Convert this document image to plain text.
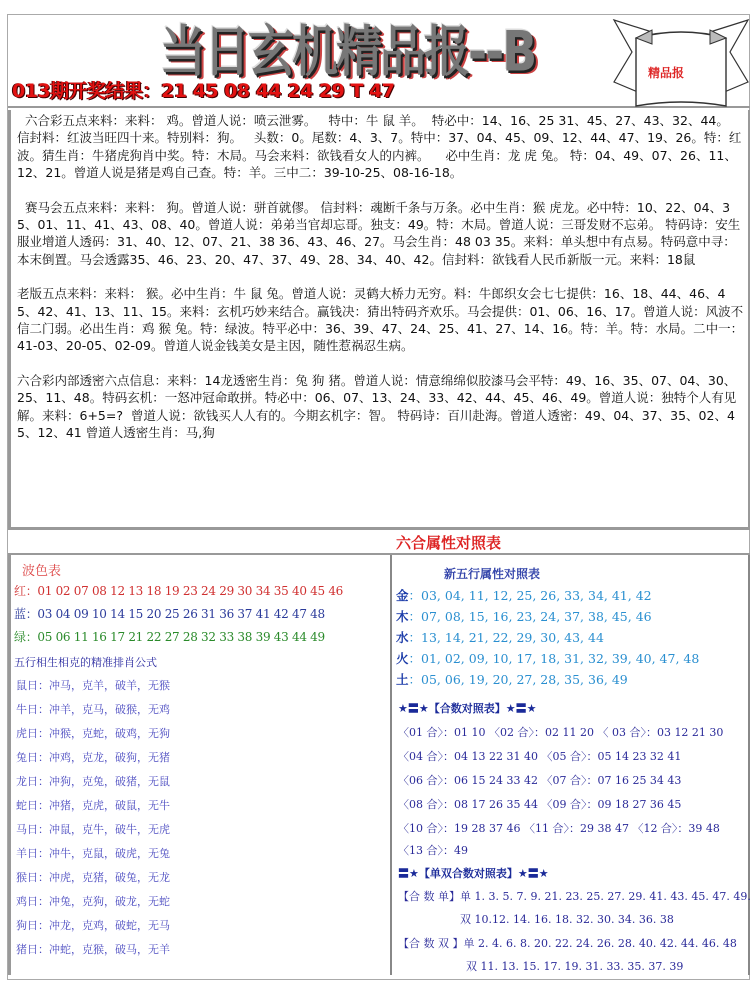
当日玄机精品报--B
013期开奖结果：21 45 08 44 24 29 T 47
精品报

六合彩五点来料：来料： 鸡。曾道人说：喷云泄雾。   特中：牛 鼠 羊。  特必中：14、16、25 31、45、27、43、32、44。 信封料：红波当旺四十来。特别料：狗。   头数：0。尾数：4、3、7。特中：37、04、45、09、12、44、47、19、26。特：红波。猜生肖：牛猪虎狗肖中奖。特：木局。马会来料：欲钱看女人的内裤。    必中生肖：龙 虎 兔。 特：04、49、07、26、11、12、21。曾道人说是猪是鸡自己查。特：羊。三中二：39-10-25、08-16-18。

赛马会五点来料：来料： 狗。曾道人说：骈首就僇。 信封料：魂断千条与万条。必中生肖：猴 虎龙。必中特：10、22、04、35、01、11、41、43、08、40。曾道人说：弟弟当官却忘哥。独支：49。特：木局。曾道人说：三哥发财不忘弟。 特码诗：安生服业增道人透码：31、40、12、07、21、38 36、43、46、27。马会生肖：48 03 35。来料：单头想中有点易。特码意中寻：本末倒置。马会透露35、46、23、20、47、37、49、28、34、40、42。信封料：欲钱看人民币新版一元。来料：18鼠

老版五点来料：来料： 猴。必中生肖：牛 鼠 兔。曾道人说：灵鹤大桥力无穷。料：牛郎织女会七七提供：16、18、44、46、45、42、41、13、11、15。来料：玄机巧妙来结合。赢钱决：猜出特码齐欢乐。马会提供：01、06、16、17。曾道人说：风波不信二门弱。必出生肖：鸡 猴 兔。特：绿波。特平必中：36、39、47、24、25、41、27、14、16。特：羊。特：水局。二中一：41-03、20-05、02-09。曾道人说金钱美女是主因，随性惹祸忍生病。

六合彩内部透密六点信息：来料：14龙透密生肖：兔 狗 猪。曾道人说：情意绵绵似胶漆马会平特：49、16、35、07、04、30、25、11、48。特码玄机：一怒冲冠命敢拼。特必中：06、07、13、24、33、42、44、45、46、49。曾道人说：独特个人有见解。来料：6+5=?  曾道人说：欲钱买人人有的。今期玄机字：智。 特码诗：百川赴海。曾道人透密：49、04、37、35、02、45、12、41 曾道人透密生肖：马,狗

六合属性对照表
波色表
红：01 02 07 08 12 13 18 19 23 24 29 30 34 35 40 45 46
蓝：03 04 09 10 14 15 20 25 26 31 36 37 41 42 47 48
绿：05 06 11 16 17 21 22 27 28 32 33 38 39 43 44 49
五行相生相克的精准排肖公式
鼠日：冲马，克羊，破羊，无猴
牛日：冲羊，克马，破猴，无鸡
虎日：冲猴，克蛇，破鸡，无狗
兔日：冲鸡，克龙，破狗，无猪
龙日：冲狗，克兔，破猪，无鼠
蛇日：冲猪，克虎，破鼠，无牛
马日：冲鼠，克牛，破牛，无虎
羊日：冲牛，克鼠，破虎，无兔
猴日：冲虎，克猪，破兔，无龙
鸡日：冲兔，克狗，破龙，无蛇
狗日：冲龙，克鸡，破蛇，无马
猪日：冲蛇，克猴，破马，无羊
新五行属性对照表
金：03, 04, 11, 12, 25, 26, 33, 34, 41, 42
木：07, 08, 15, 16, 23, 24, 37, 38, 45, 46
水：13, 14, 21, 22, 29, 30, 43, 44
火：01, 02, 09, 10, 17, 18, 31, 32, 39, 40, 47, 48
土：05, 06, 19, 20, 27, 28, 35, 36, 49
★〓★【合数对照表】★〓★
〈01 合〉：01 10 〈02 合〉：02 11 20 〈 03 合〉：03 12 21 30
〈04 合〉：04 13 22 31 40 〈05 合〉：05 14 23 32 41
〈06 合〉：06 15 24 33 42 〈07 合〉：07 16 25 34 43
〈08 合〉：08 17 26 35 44 〈09 合〉：09 18 27 36 45
〈10 合〉：19 28 37 46 〈11 合〉：29 38 47 〈12 合〉：39 48
〈13 合〉：49
〓★【单双合数对照表】★〓★
【合 数 单】单 1. 3. 5. 7. 9. 21. 23. 25. 27. 29. 41. 43. 45. 47. 49.
双 10.12. 14. 16. 18. 32. 30. 34. 36. 38
【合 数 双 】单 2. 4. 6. 8. 20. 22. 24. 26. 28. 40. 42. 44. 46. 48
双 11. 13. 15. 17. 19. 31. 33. 35. 37. 39
